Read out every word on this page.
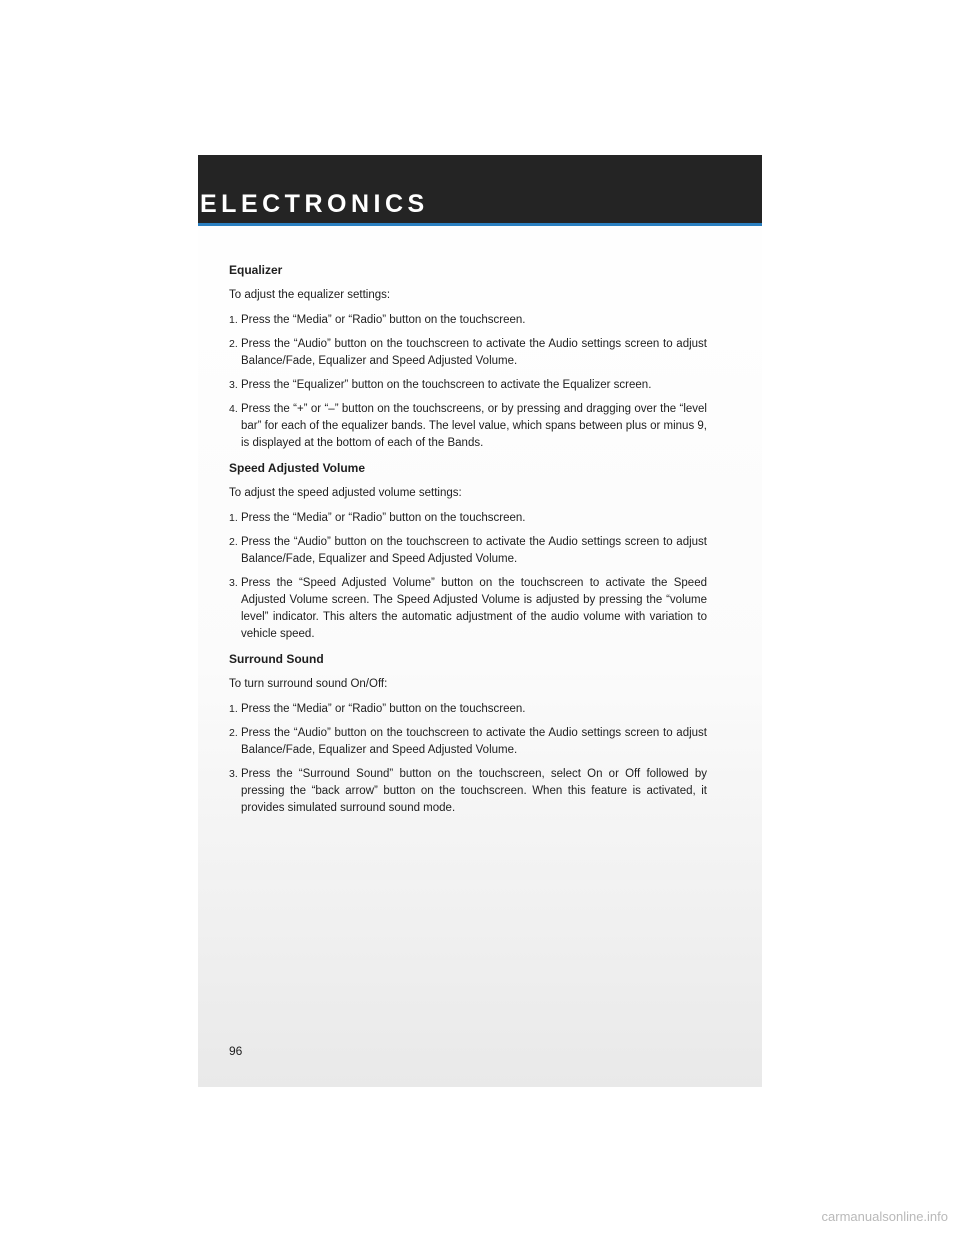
ELECTRONICS
Equalizer

To adjust the equalizer settings:

1. Press the “Media” or “Radio” button on the touchscreen.
2. Press the “Audio” button on the touchscreen to activate the Audio settings screen to adjust Balance/Fade, Equalizer and Speed Adjusted Volume.
3. Press the “Equalizer” button on the touchscreen to activate the Equalizer screen.
4. Press the “+” or “–” button on the touchscreens, or by pressing and dragging over the “level bar” for each of the equalizer bands. The level value, which spans between plus or minus 9, is displayed at the bottom of each of the Bands.
Speed Adjusted Volume

To adjust the speed adjusted volume settings:

1. Press the “Media” or “Radio” button on the touchscreen.
2. Press the “Audio” button on the touchscreen to activate the Audio settings screen to adjust Balance/Fade, Equalizer and Speed Adjusted Volume.
3. Press the “Speed Adjusted Volume” button on the touchscreen to activate the Speed Adjusted Volume screen. The Speed Adjusted Volume is adjusted by pressing the “volume level” indicator. This alters the automatic adjustment of the audio volume with variation to vehicle speed.
Surround Sound

To turn surround sound On/Off:

1. Press the “Media” or “Radio” button on the touchscreen.
2. Press the “Audio” button on the touchscreen to activate the Audio settings screen to adjust Balance/Fade, Equalizer and Speed Adjusted Volume.
3. Press the “Surround Sound” button on the touchscreen, select On or Off followed by pressing the “back arrow” button on the touchscreen. When this feature is activated, it provides simulated surround sound mode.
96
carmanualsonline.info
